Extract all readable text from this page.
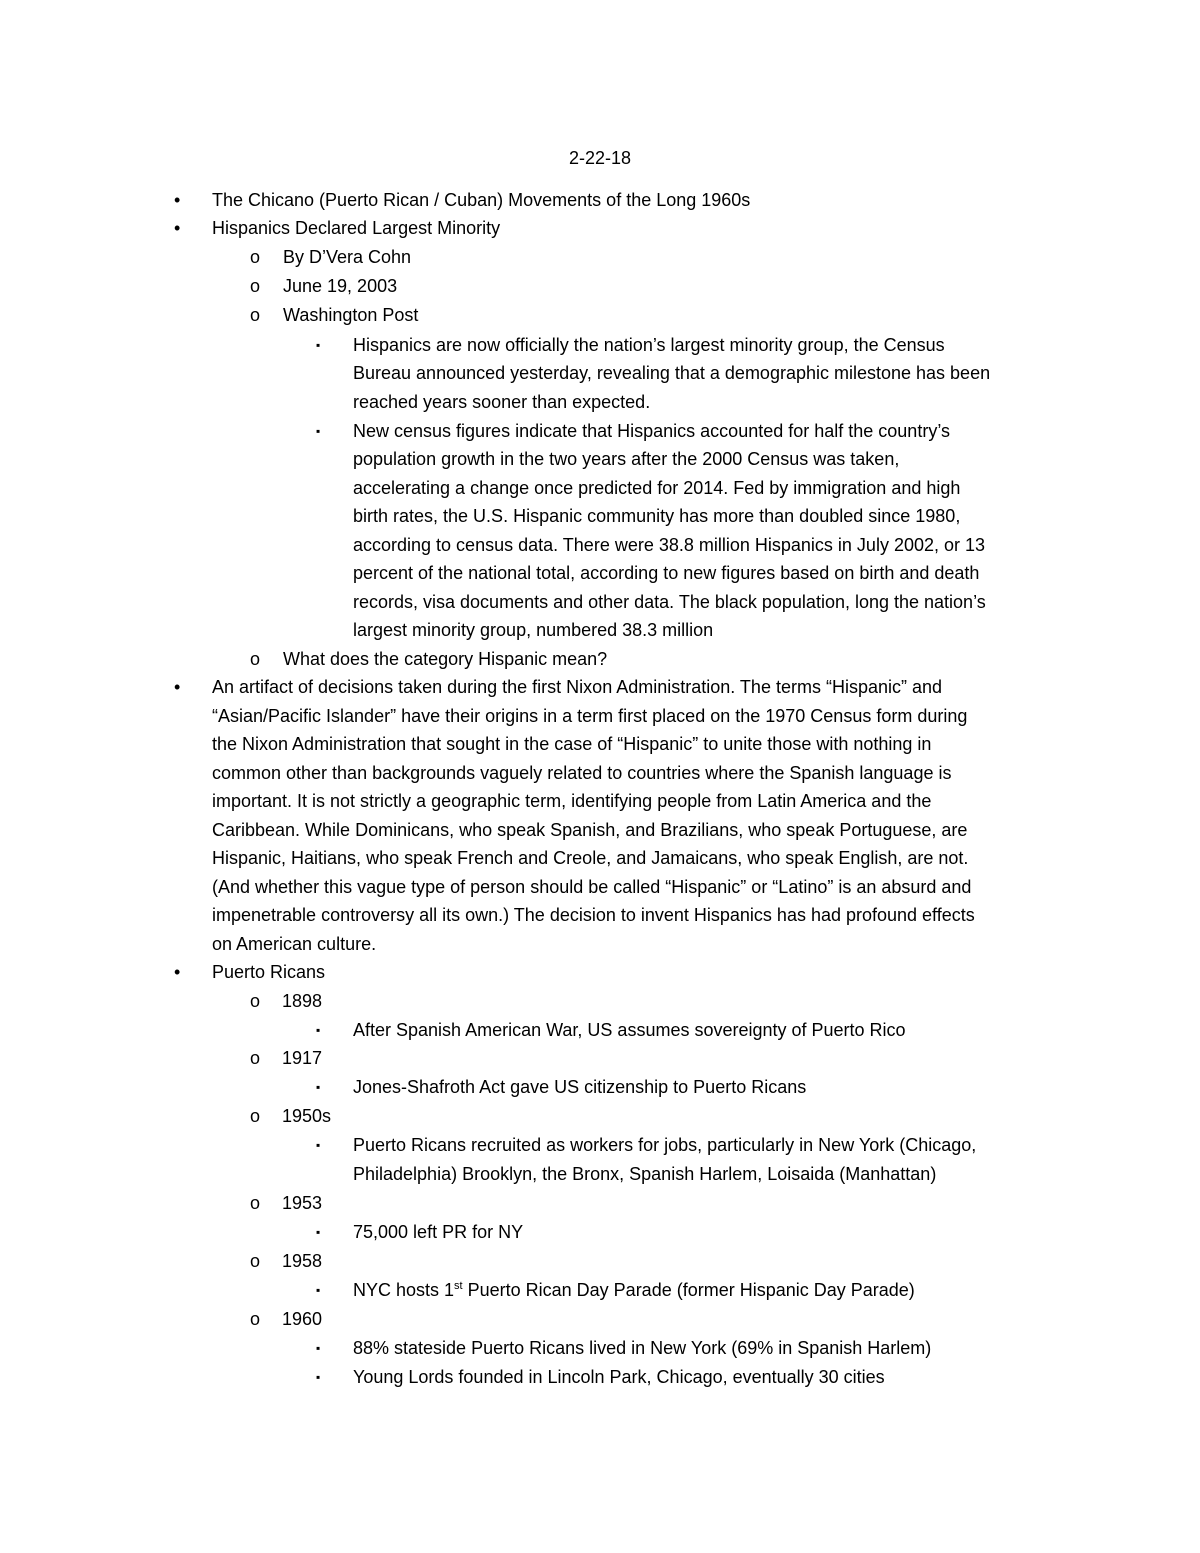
2-22-18
• The Chicano (Puerto Rican / Cuban) Movements of the Long 1960s
• Hispanics Declared Largest Minority
o By D’Vera Cohn
o June 19, 2003
o Washington Post
▪ Hispanics are now officially the nation’s largest minority group, the Census
Bureau announced yesterday, revealing that a demographic milestone has been
reached years sooner than expected.
▪ New census figures indicate that Hispanics accounted for half the country’s
population growth in the two years after the 2000 Census was taken,
accelerating a change once predicted for 2014. Fed by immigration and high
birth rates, the U.S. Hispanic community has more than doubled since 1980,
according to census data. There were 38.8 million Hispanics in July 2002, or 13
percent of the national total, according to new figures based on birth and death
records, visa documents and other data. The black population, long the nation’s
largest minority group, numbered 38.3 million
o What does the category Hispanic mean?
• An artifact of decisions taken during the first Nixon Administration. The terms “Hispanic” and
“Asian/Pacific Islander” have their origins in a term first placed on the 1970 Census form during
the Nixon Administration that sought in the case of “Hispanic” to unite those with nothing in
common other than backgrounds vaguely related to countries where the Spanish language is
important. It is not strictly a geographic term, identifying people from Latin America and the
Caribbean. While Dominicans, who speak Spanish, and Brazilians, who speak Portuguese, are
Hispanic, Haitians, who speak French and Creole, and Jamaicans, who speak English, are not.
(And whether this vague type of person should be called “Hispanic” or “Latino” is an absurd and
impenetrable controversy all its own.) The decision to invent Hispanics has had profound effects
on American culture.
• Puerto Ricans
o 1898
▪ After Spanish American War, US assumes sovereignty of Puerto Rico
o 1917
▪ Jones-Shafroth Act gave US citizenship to Puerto Ricans
o 1950s
▪ Puerto Ricans recruited as workers for jobs, particularly in New York (Chicago,
Philadelphia) Brooklyn, the Bronx, Spanish Harlem, Loisaida (Manhattan)
o 1953
▪ 75,000 left PR for NY
o 1958
▪ NYC hosts 1st Puerto Rican Day Parade (former Hispanic Day Parade)
o 1960
▪ 88% stateside Puerto Ricans lived in New York (69% in Spanish Harlem)
▪ Young Lords founded in Lincoln Park, Chicago, eventually 30 cities
